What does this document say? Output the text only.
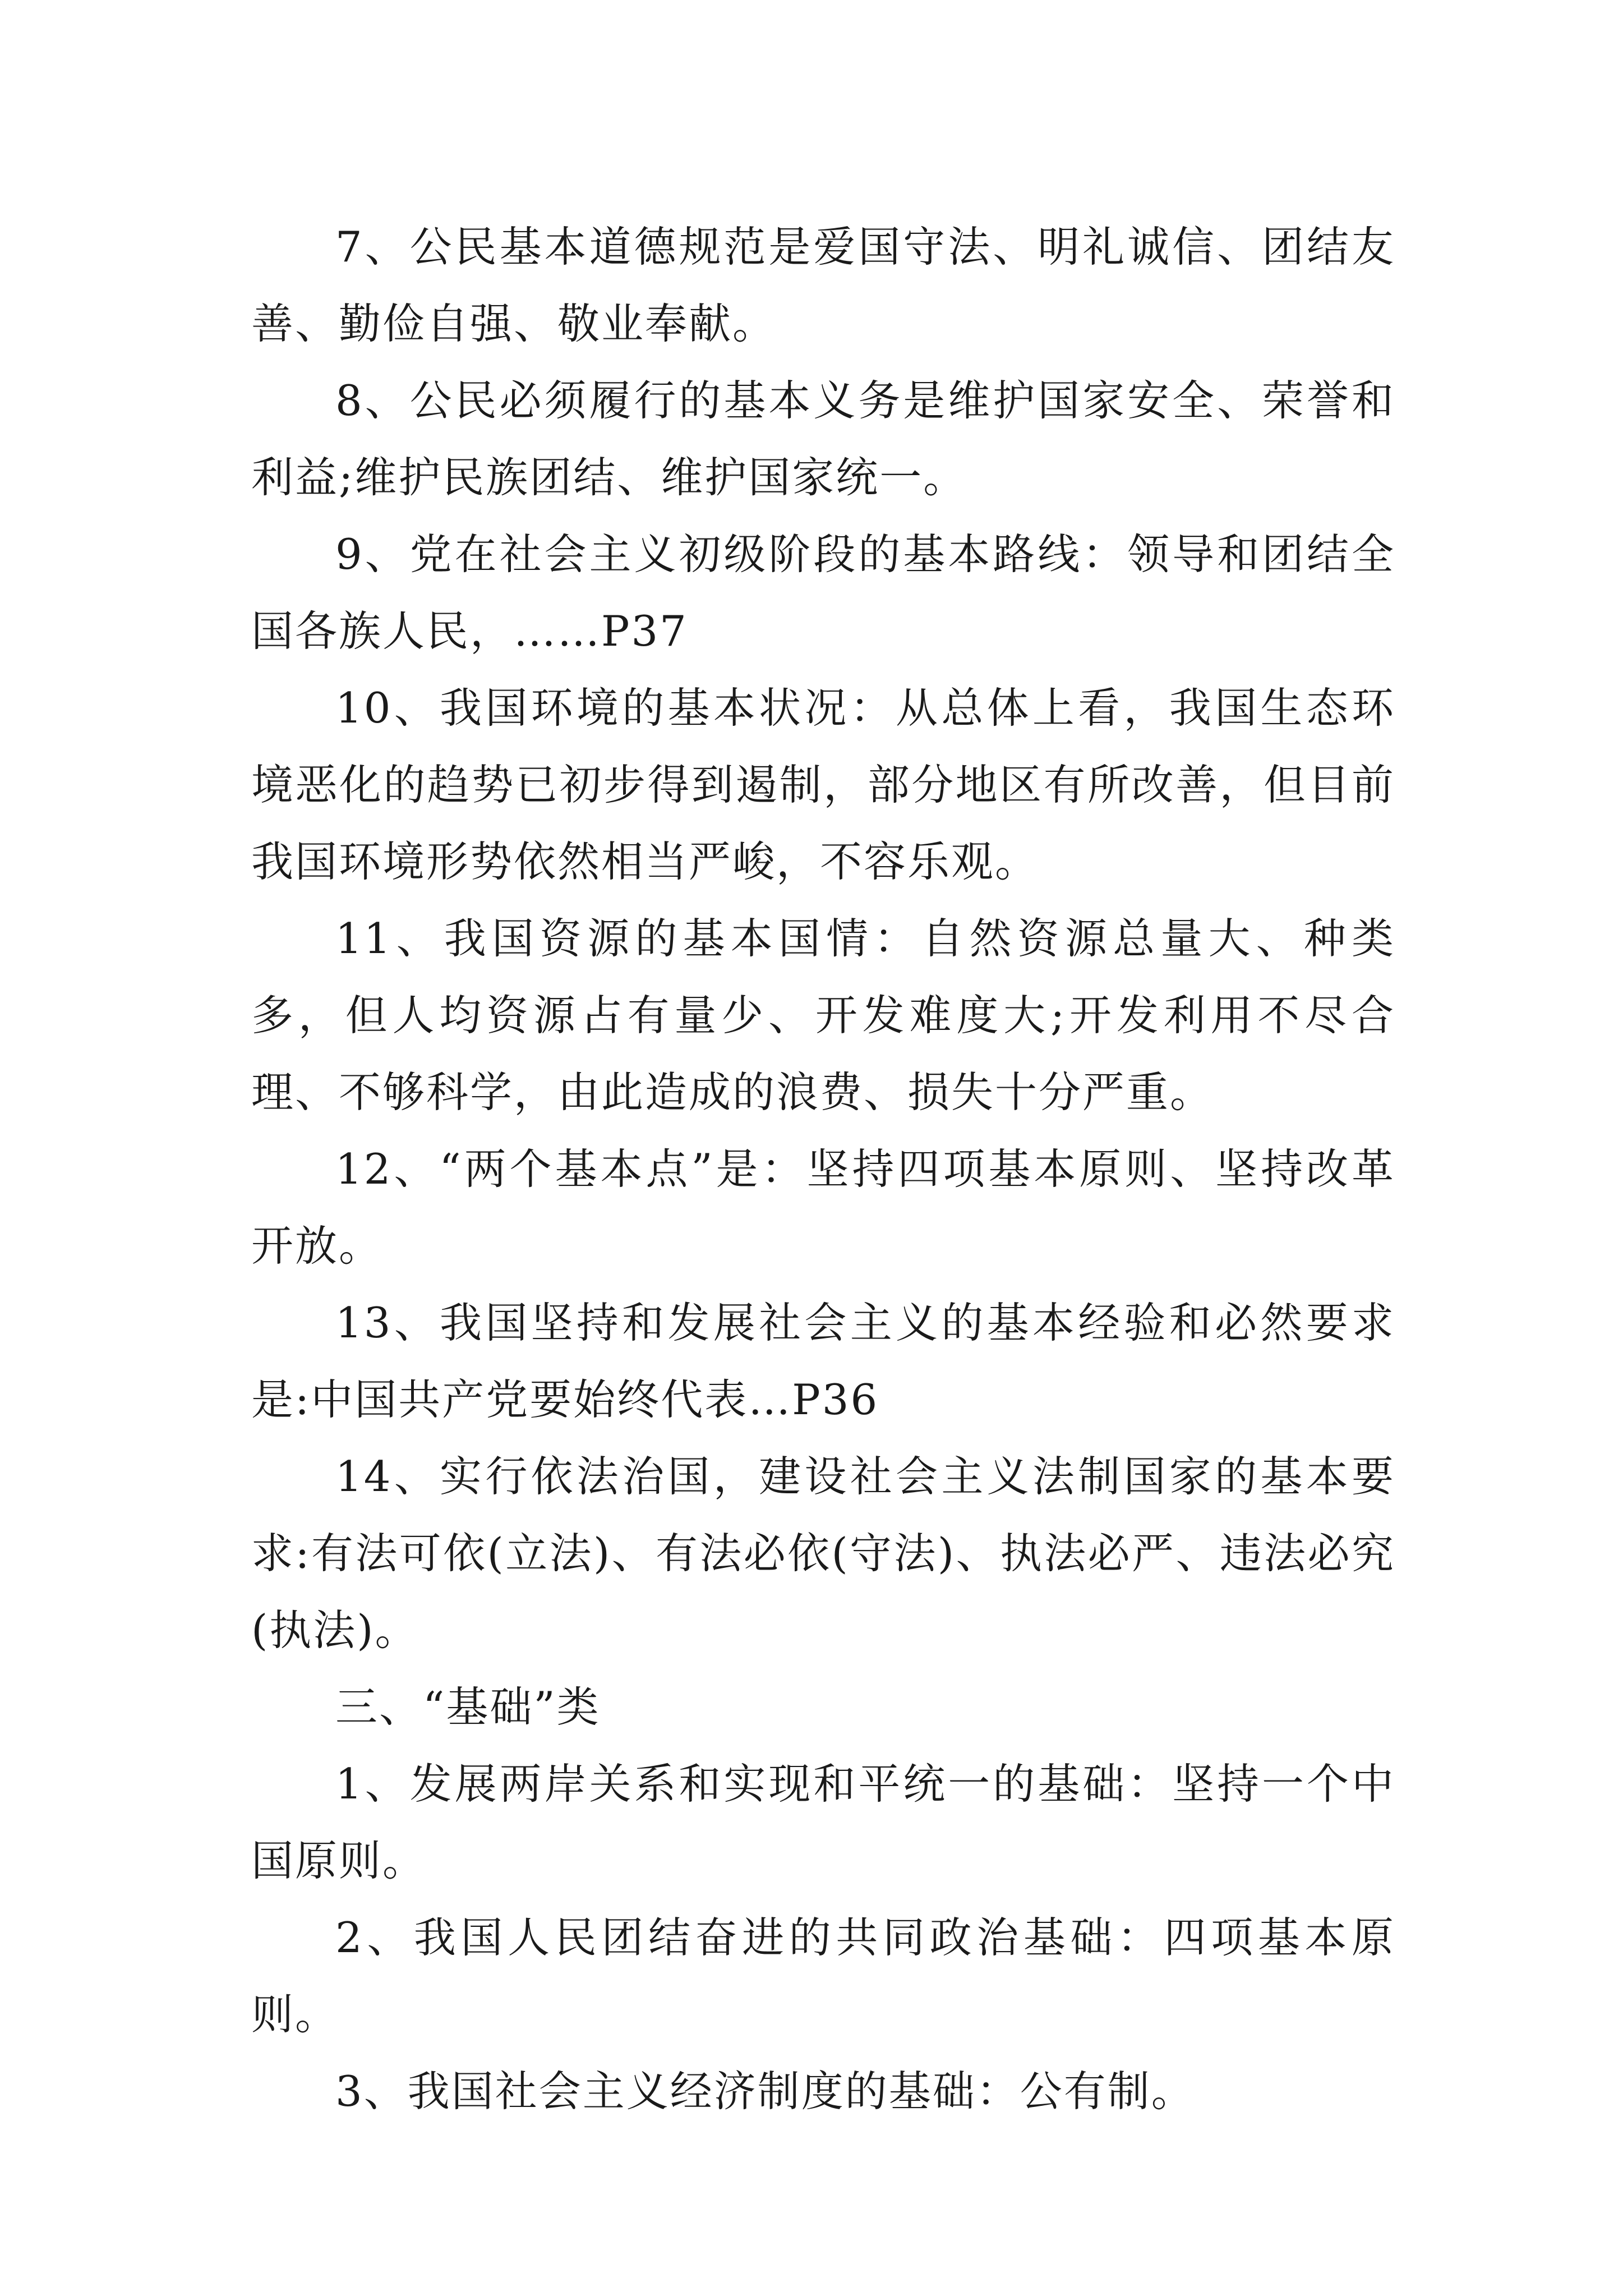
7、公民基本道德规范是爱国守法、明礼诚信、团结友善、勤俭自强、敬业奉献。

8、公民必须履行的基本义务是维护国家安全、荣誉和利益;维护民族团结、维护国家统一。

9、党在社会主义初级阶段的基本路线：领导和团结全国各族人民，……P37

10、我国环境的基本状况：从总体上看，我国生态环境恶化的趋势已初步得到遏制，部分地区有所改善，但目前我国环境形势依然相当严峻，不容乐观。

11、我国资源的基本国情：自然资源总量大、种类多，但人均资源占有量少、开发难度大;开发利用不尽合理、不够科学，由此造成的浪费、损失十分严重。

12、“两个基本点”是：坚持四项基本原则、坚持改革开放。

13、我国坚持和发展社会主义的基本经验和必然要求是:中国共产党要始终代表…P36

14、实行依法治国，建设社会主义法制国家的基本要求:有法可依(立法)、有法必依(守法)、执法必严、违法必究(执法)。

三、“基础”类

1、发展两岸关系和实现和平统一的基础：坚持一个中国原则。

2、我国人民团结奋进的共同政治基础：四项基本原则。

3、我国社会主义经济制度的基础：公有制。
